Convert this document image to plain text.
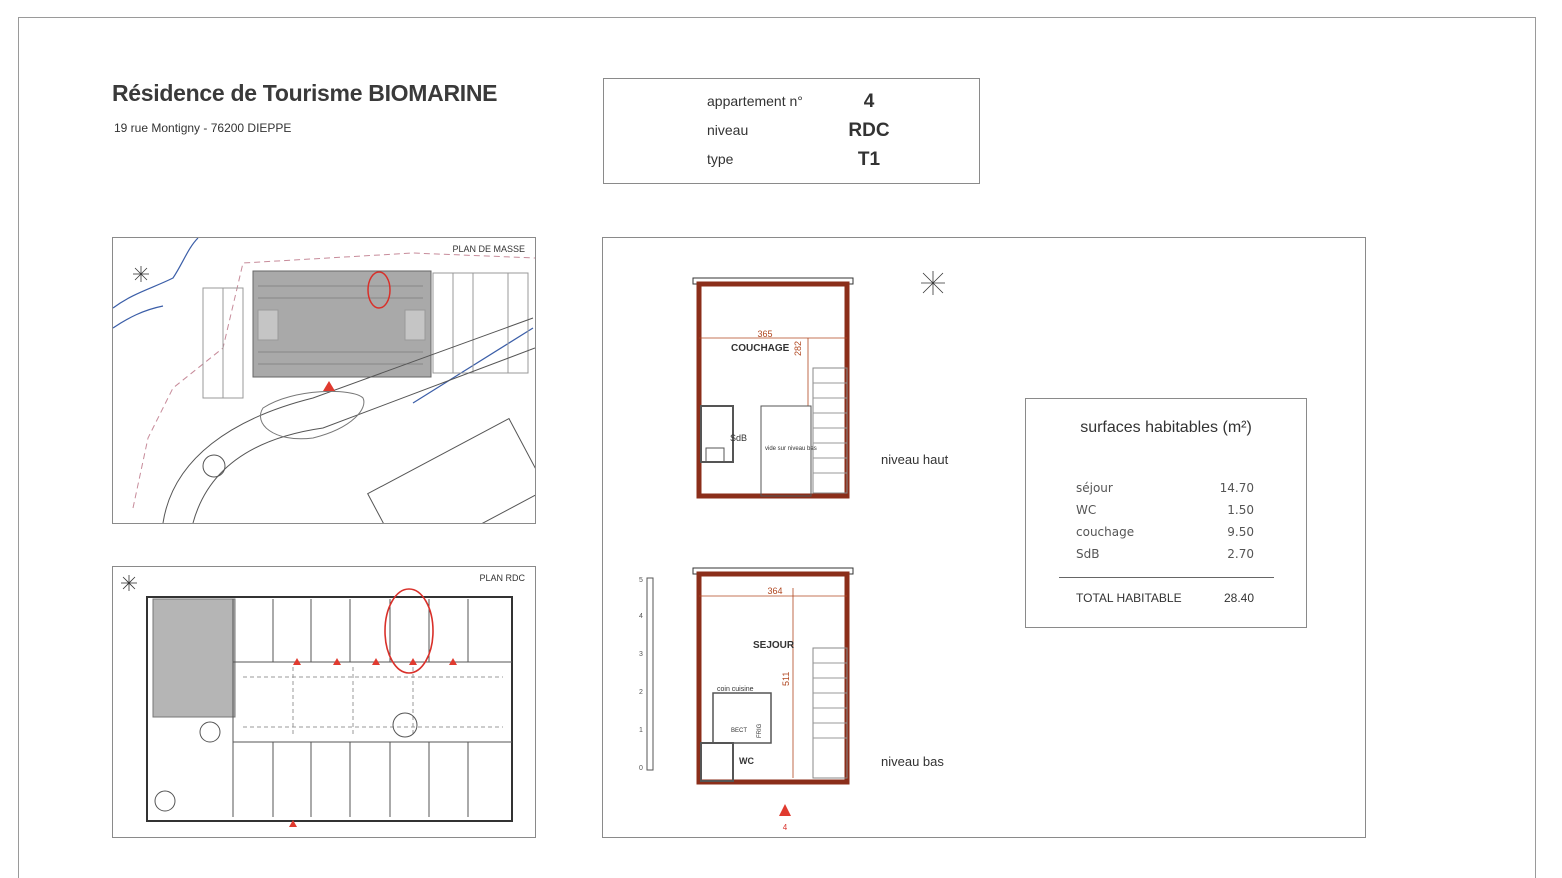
Résidence de Tourisme BIOMARINE
19 rue Montigny - 76200 DIEPPE
appartement n°	4
niveau	RDC
type	T1
PLAN DE MASSE
PLAN RDC
365
282
COUCHAGE
SdB
vide sur niveau bas
364
511
SEJOUR
coin cuisine
BECT FRIG
WC
4
0
1
2
3
4
5
niveau haut
niveau bas
surfaces habitables (m²)
séjour	14.70
WC	1.50
couchage	9.50
SdB	2.70
TOTAL HABITABLE	28.40
